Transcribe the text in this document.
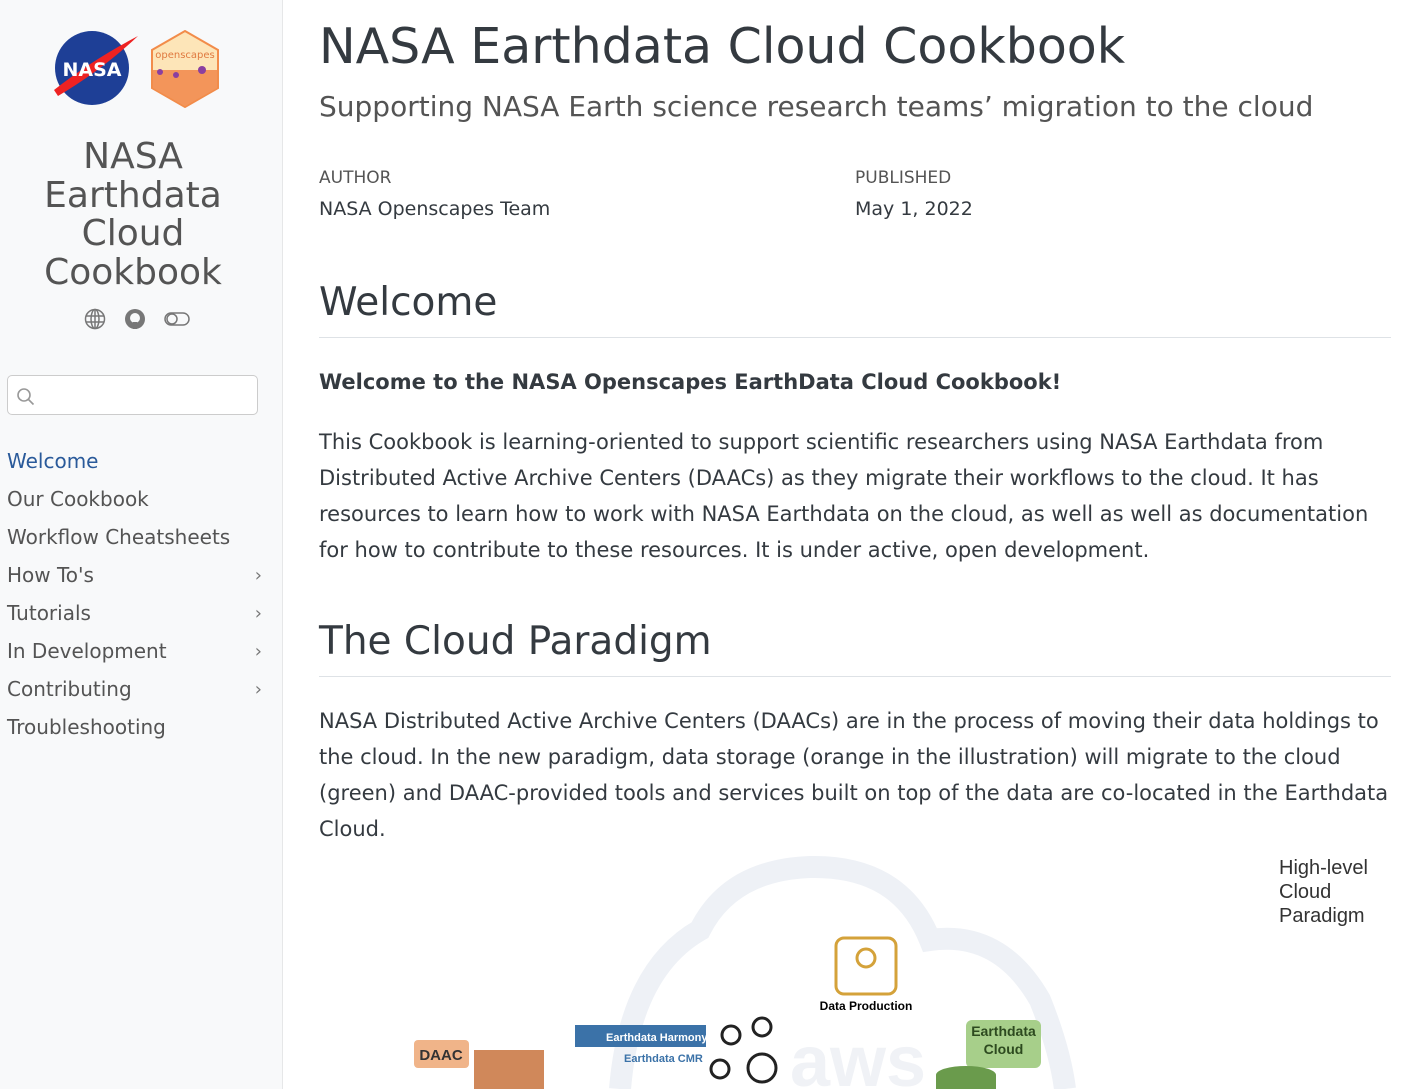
NASA
openscapes
NASA Earthdata Cloud Cookbook
Welcome
Our Cookbook
Workflow Cheatsheets
How To's	›
Tutorials	›
In Development	›
Contributing	›
Troubleshooting
NASA Earthdata Cloud Cookbook
Supporting NASA Earth science research teams’ migration to the cloud
AUTHOR
NASA Openscapes Team
PUBLISHED
May 1, 2022
Welcome

Welcome to the NASA Openscapes EarthData Cloud Cookbook!

This Cookbook is learning-oriented to support scientific researchers using NASA Earthdata from Distributed Active Archive Centers (DAACs) as they migrate their workflows to the cloud. It has resources to learn how to work with NASA Earthdata on the cloud, as well as well as documentation for how to contribute to these resources. It is under active, open development.

The Cloud Paradigm

NASA Distributed Active Archive Centers (DAACs) are in the process of moving their data holdings to the cloud. In the new paradigm, data storage (orange in the illustration) will migrate to the cloud (green) and DAAC-provided tools and services built on top of the data are co-located in the Earthdata Cloud.

aws
Data Production
Earthdata Harmony
Earthdata CMR
DAAC
Earthdata Cloud
High-level Cloud Paradigm
